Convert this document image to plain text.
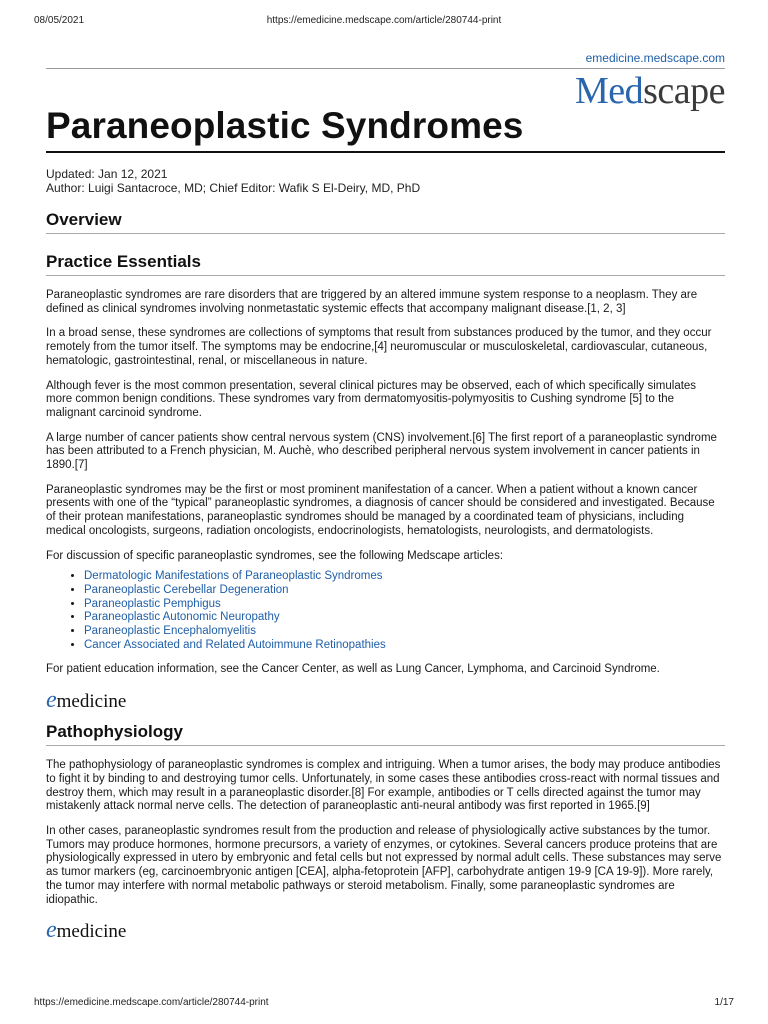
08/05/2021	https://emedicine.medscape.com/article/280744-print
emedicine.medscape.com
Medscape
Paraneoplastic Syndromes
Updated: Jan 12, 2021
Author: Luigi Santacroce, MD; Chief Editor: Wafik S El-Deiry, MD, PhD
Overview
Practice Essentials

Paraneoplastic syndromes are rare disorders that are triggered by an altered immune system response to a neoplasm. They are defined as clinical syndromes involving nonmetastatic systemic effects that accompany malignant disease.[1, 2, 3]

In a broad sense, these syndromes are collections of symptoms that result from substances produced by the tumor, and they occur remotely from the tumor itself. The symptoms may be endocrine,[4] neuromuscular or musculoskeletal, cardiovascular, cutaneous, hematologic, gastrointestinal, renal, or miscellaneous in nature.

Although fever is the most common presentation, several clinical pictures may be observed, each of which specifically simulates more common benign conditions. These syndromes vary from dermatomyositis-polymyositis to Cushing syndrome [5] to the malignant carcinoid syndrome.

A large number of cancer patients show central nervous system (CNS) involvement.[6] The first report of a paraneoplastic syndrome has been attributed to a French physician, M. Auchè, who described peripheral nervous system involvement in cancer patients in 1890.[7]

Paraneoplastic syndromes may be the first or most prominent manifestation of a cancer. When a patient without a known cancer presents with one of the “typical” paraneoplastic syndromes, a diagnosis of cancer should be considered and investigated. Because of their protean manifestations, paraneoplastic syndromes should be managed by a coordinated team of physicians, including medical oncologists, surgeons, radiation oncologists, endocrinologists, hematologists, neurologists, and dermatologists.

For discussion of specific paraneoplastic syndromes, see the following Medscape articles:

• Dermatologic Manifestations of Paraneoplastic Syndromes
• Paraneoplastic Cerebellar Degeneration
• Paraneoplastic Pemphigus
• Paraneoplastic Autonomic Neuropathy
• Paraneoplastic Encephalomyelitis
• Cancer Associated and Related Autoimmune Retinopathies

For patient education information, see the Cancer Center, as well as Lung Cancer, Lymphoma, and Carcinoid Syndrome.

emedicine
Pathophysiology

The pathophysiology of paraneoplastic syndromes is complex and intriguing. When a tumor arises, the body may produce antibodies to fight it by binding to and destroying tumor cells. Unfortunately, in some cases these antibodies cross-react with normal tissues and destroy them, which may result in a paraneoplastic disorder.[8] For example, antibodies or T cells directed against the tumor may mistakenly attack normal nerve cells. The detection of paraneoplastic anti-neural antibody was first reported in 1965.[9]

In other cases, paraneoplastic syndromes result from the production and release of physiologically active substances by the tumor. Tumors may produce hormones, hormone precursors, a variety of enzymes, or cytokines. Several cancers produce proteins that are physiologically expressed in utero by embryonic and fetal cells but not expressed by normal adult cells. These substances may serve as tumor markers (eg, carcinoembryonic antigen [CEA], alpha-fetoprotein [AFP], carbohydrate antigen 19-9 [CA 19-9]). More rarely, the tumor may interfere with normal metabolic pathways or steroid metabolism. Finally, some paraneoplastic syndromes are idiopathic.

emedicine
https://emedicine.medscape.com/article/280744-print	1/17
